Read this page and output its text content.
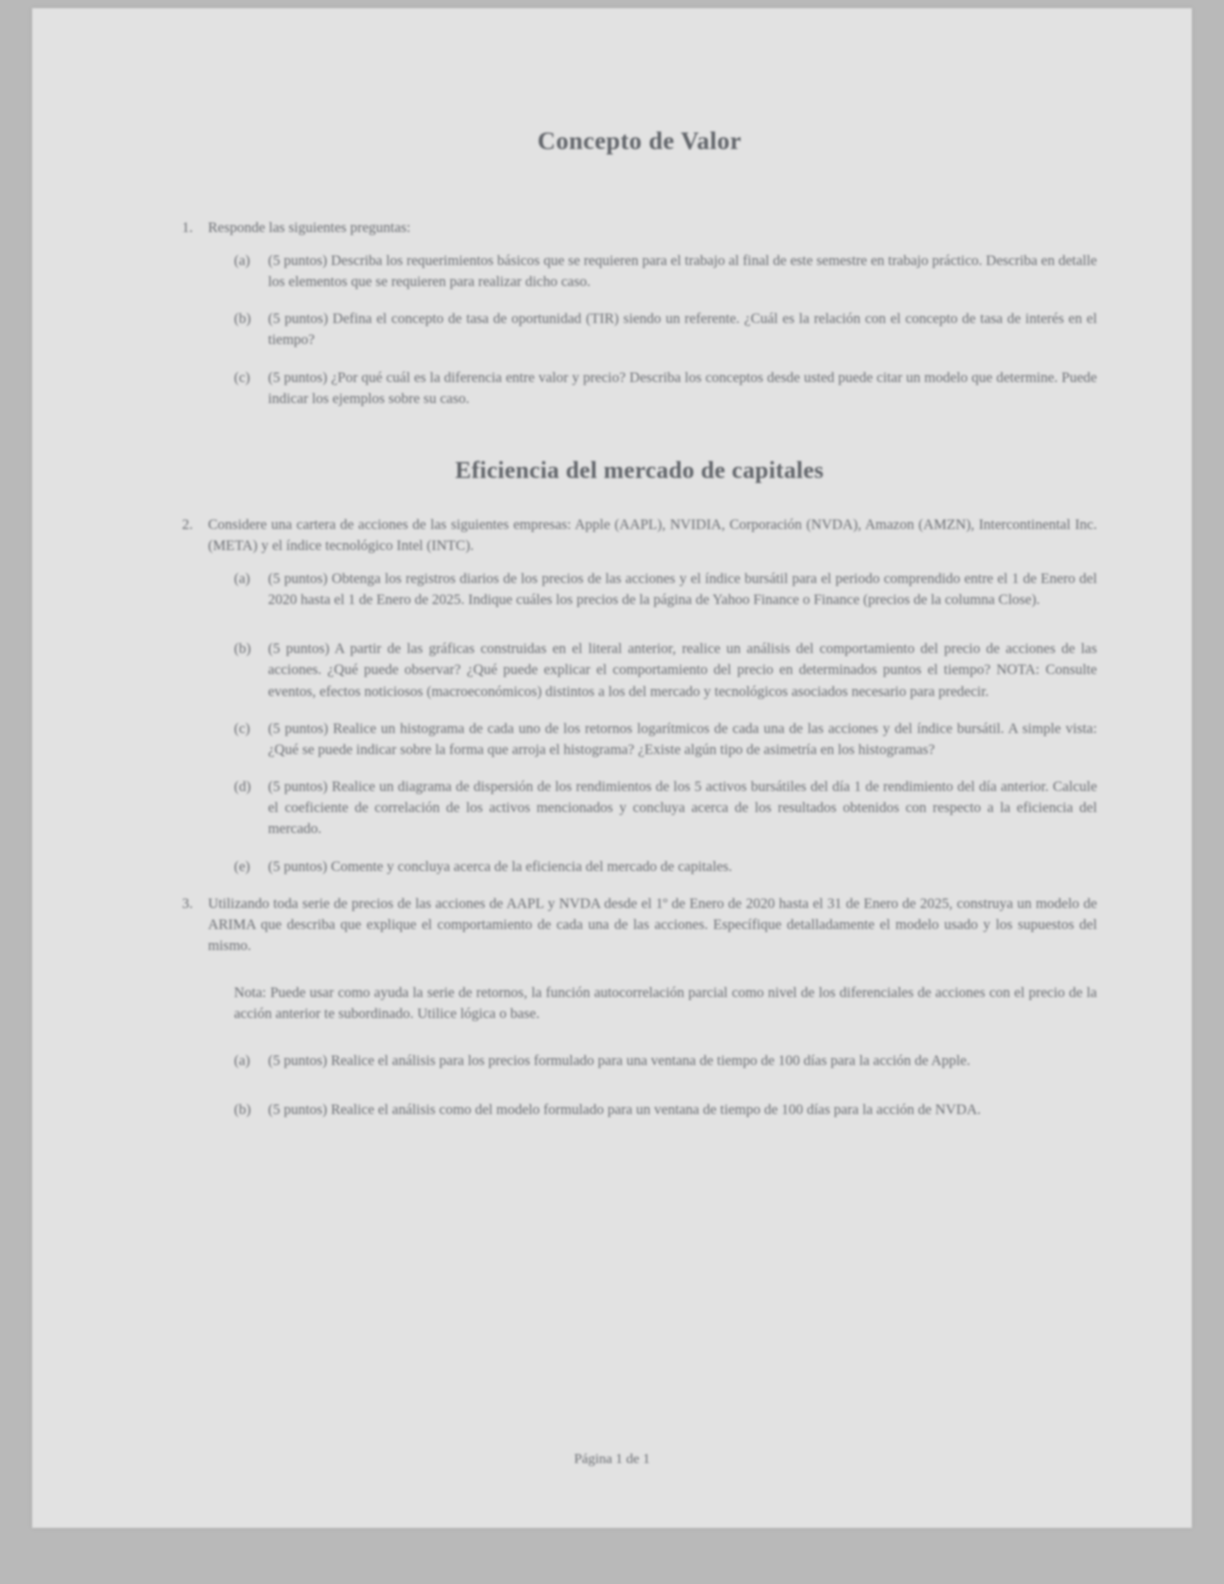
Concepto de Valor
1.	Responde las siguientes preguntas:
(a)	(5 puntos) Describa los requerimientos básicos que se requieren para el trabajo al final de este semestre en trabajo práctico. Describa en detalle los elementos que se requieren para realizar dicho caso.
(b)	(5 puntos) Defina el concepto de tasa de oportunidad (TIR) siendo un referente. ¿Cuál es la relación con el concepto de tasa de interés en el tiempo?
(c)	(5 puntos) ¿Por qué cuál es la diferencia entre valor y precio? Describa los conceptos desde usted puede citar un modelo que determine. Puede indicar los ejemplos sobre su caso.
Eficiencia del mercado de capitales
2.	Considere una cartera de acciones de las siguientes empresas: Apple (AAPL), NVIDIA, Corporación (NVDA), Amazon (AMZN), Intercontinental Inc. (META) y el índice tecnológico Intel (INTC).
(a)	(5 puntos) Obtenga los registros diarios de los precios de las acciones y el índice bursátil para el periodo comprendido entre el 1 de Enero del 2020 hasta el 1 de Enero de 2025. Indique cuáles los precios de la página de Yahoo Finance o Finance (precios de la columna Close).
(b)	(5 puntos) A partir de las gráficas construidas en el literal anterior, realice un análisis del comportamiento del precio de acciones de las acciones. ¿Qué puede observar? ¿Qué puede explicar el comportamiento del precio en determinados puntos el tiempo? NOTA: Consulte eventos, efectos noticiosos (macroeconómicos) distintos a los del mercado y tecnológicos asociados necesario para predecir.
(c)	(5 puntos) Realice un histograma de cada uno de los retornos logarítmicos de cada una de las acciones y del índice bursátil. A simple vista: ¿Qué se puede indicar sobre la forma que arroja el histograma? ¿Existe algún tipo de asimetría en los histogramas?
(d)	(5 puntos) Realice un diagrama de dispersión de los rendimientos de los 5 activos bursátiles del día 1 de rendimiento del día anterior. Calcule el coeficiente de correlación de los activos mencionados y concluya acerca de los resultados obtenidos con respecto a la eficiencia del mercado.
(e)	(5 puntos) Comente y concluya acerca de la eficiencia del mercado de capitales.
3.	Utilizando toda serie de precios de las acciones de AAPL y NVDA desde el 1º de Enero de 2020 hasta el 31 de Enero de 2025, construya un modelo de ARIMA que describa que explique el comportamiento de cada una de las acciones. Específique detalladamente el modelo usado y los supuestos del mismo.
Nota: Puede usar como ayuda la serie de retornos, la función autocorrelación parcial como nivel de los diferenciales de acciones con el precio de la acción anterior te subordinado. Utilice lógica o base.
(a)	(5 puntos) Realice el análisis para los precios formulado para una ventana de tiempo de 100 días para la acción de Apple.
(b)	(5 puntos) Realice el análisis como del modelo formulado para un ventana de tiempo de 100 días para la acción de NVDA.
Página 1 de 1
